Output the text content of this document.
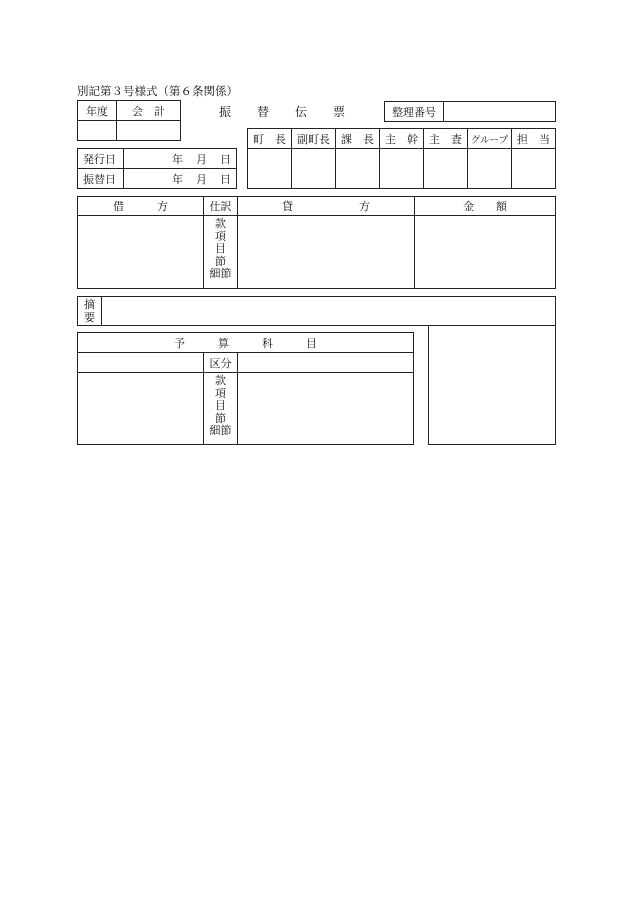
別記第３号様式（第６条関係）
年度 会　計	振 替 伝 票	整理番号
発行日	年 月 日
振替日	年 月 日
町　長 副町長 課　長 主　幹 主　査 グループ 担　当
借　　　方	仕訳	貸　　　　　　方	金　　額
款
項
目
節
細節
摘
要
予　　　算　　　科　　　目
区分
款
項
目
節
細節
